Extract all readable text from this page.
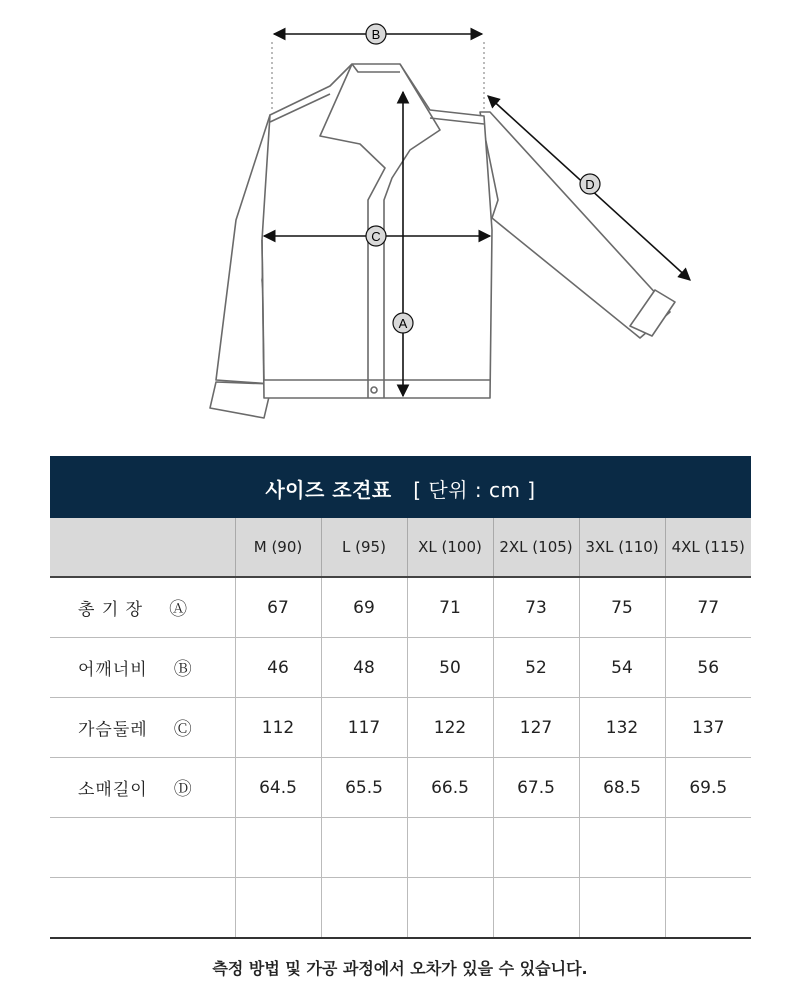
B
C
A
D
사이즈 조견표 [ 단위 : cm ]						
	M (90)	L (95)	XL (100)	2XL (105)	3XL (110)	4XL (115)
총 기 장 Ⓐ	67	69	71	73	75	77
어깨너비 Ⓑ	46	48	50	52	54	56
가슴둘레 Ⓒ	112	117	122	127	132	137
소매길이 Ⓓ	64.5	65.5	66.5	67.5	68.5	69.5

측정 방법 및 가공 과정에서 오차가 있을 수 있습니다.
